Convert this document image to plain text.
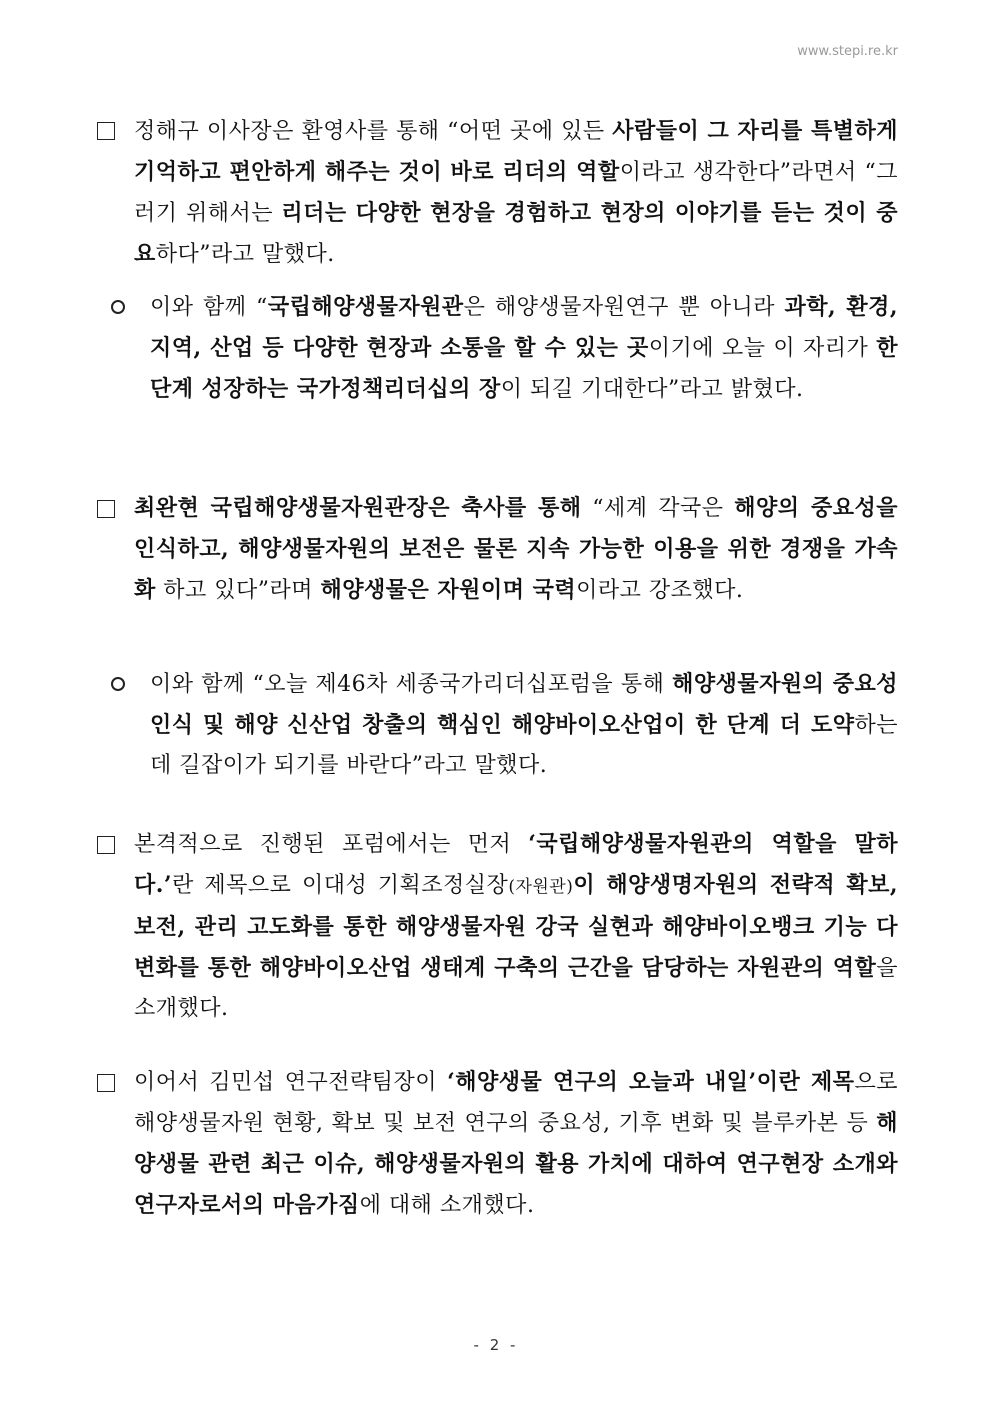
www.stepi.re.kr
정해구 이사장은 환영사를 통해 “어떤 곳에 있든 사람들이 그 자리를 특별하게 기억하고 편안하게 해주는 것이 바로 리더의 역할이라고 생각한다”라면서 “그러기 위해서는 리더는 다양한 현장을 경험하고 현장의 이야기를 듣는 것이 중요하다”라고 말했다.
이와 함께 “국립해양생물자원관은 해양생물자원연구 뿐 아니라 과학, 환경, 지역, 산업 등 다양한 현장과 소통을 할 수 있는 곳이기에 오늘 이 자리가 한 단계 성장하는 국가정책리더십의 장이 되길 기대한다”라고 밝혔다.
최완현 국립해양생물자원관장은 축사를 통해 “세계 각국은 해양의 중요성을 인식하고, 해양생물자원의 보전은 물론 지속 가능한 이용을 위한 경쟁을 가속화 하고 있다”라며 해양생물은 자원이며 국력이라고 강조했다.
이와 함께 “오늘 제46차 세종국가리더십포럼을 통해 해양생물자원의 중요성 인식 및 해양 신산업 창출의 핵심인 해양바이오산업이 한 단계 더 도약하는데 길잡이가 되기를 바란다”라고 말했다.
본격적으로 진행된 포럼에서는 먼저 ‘국립해양생물자원관의 역할을 말하다.’란 제목으로 이대성 기획조정실장(자원관)이 해양생명자원의 전략적 확보, 보전, 관리 고도화를 통한 해양생물자원 강국 실현과 해양바이오뱅크 기능 다변화를 통한 해양바이오산업 생태계 구축의 근간을 담당하는 자원관의 역할을 소개했다.
이어서 김민섭 연구전략팀장이 ‘해양생물 연구의 오늘과 내일’이란 제목으로 해양생물자원 현황, 확보 및 보전 연구의 중요성, 기후 변화 및 블루카본 등 해양생물 관련 최근 이슈, 해양생물자원의 활용 가치에 대하여 연구현장 소개와 연구자로서의 마음가짐에 대해 소개했다.
- 2 -
